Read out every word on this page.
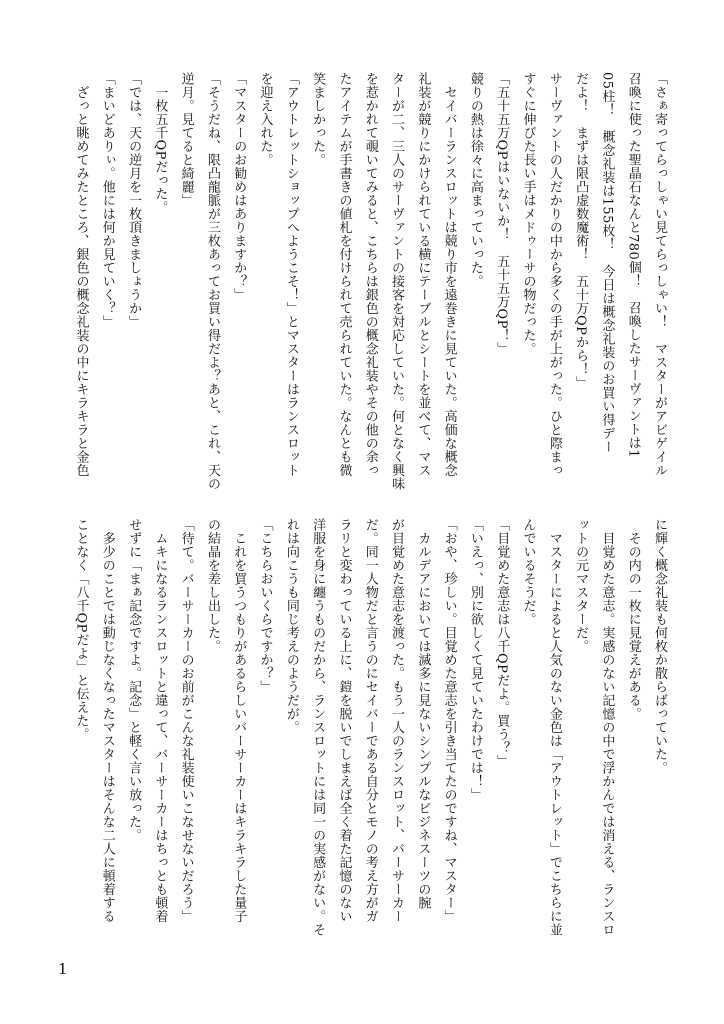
「さぁ寄ってらっしゃい見てらっしゃい！　マスターがアビゲイル
召喚に使った聖晶石なんと780個！　召喚したサーヴァントは1
05柱！　概念礼装は155枚！　今日は概念礼装のお買い得デー
だよ！　まずは限凸虚数魔術！　五十万QPから！」
サーヴァントの人だかりの中から多くの手が上がった。ひと際まっ
すぐに伸びた長い手はメドゥーサの物だった。
「五十五万QPはいないか！　五十五万QP！」
競りの熱は徐々に高まっていった。
　セイバーランスロットは競り市を遠巻きに見ていた。高価な概念
礼装が競りにかけられている横にテーブルとシートを並べて、マス
ターが二、三人のサーヴァントの接客を対応していた。何となく興味
を惹かれて覗いてみると、こちらは銀色の概念礼装やその他の余っ
たアイテムが手書きの値札を付けられて売られていた。なんとも微
笑ましかった。
「アウトレットショップへようこそ！」とマスターはランスロット
を迎え入れた。
「マスターのお勧めはありますか？」
「そうだね、限凸龍脈が三枚あってお買い得だよ？あと、これ、天の
逆月。見てると綺麗」
　一枚五千QPだった。
「では、天の逆月を一枚頂きましょうか」
「まいどありぃ。他には何か見ていく？」
　ざっと眺めてみたところ、銀色の概念礼装の中にキラキラと金色
に輝く概念礼装も何枚か散らばっていた。
　その内の一枚に見覚えがある。
　目覚めた意志。実感のない記憶の中で浮かんでは消える、ランスロ
ットの元マスターだ。
　マスターによると人気のない金色は「アウトレット」でこちらに並
んでいるそうだ。
「目覚めた意志は八千QPだよ。買う？」
「いえっ、別に欲しくて見ていたわけでは！」
「おや、珍しい。目覚めた意志を引き当てたのですね、マスター」
　カルデアにおいては滅多に見ないシンプルなビジネスーツの腕
が目覚めた意志を渡った。もう一人のランスロット、バーサーカー
だ。同一人物だと言うのにセイバーである自分とモノの考え方がガ
ラリと変わっている上に、鎧を脱いでしまえば全く着た記憶のない
洋服を身に纏うものだから、ランスロットには同一の実感がない。そ
れは向こうも同じ考えのようだが。
「こちらおいくらですか？」
　これを買うつもりがあるらしいバーサーカーはキラキラした量子
の結晶を差し出した。
「待て。バーサーカーのお前がこんな礼装使いこなせないだろう」
　ムキになるランスロットと違って、バーサーカーはちっとも頓着
せずに「まぁ記念ですよ。記念」と軽く言い放った。
　多少のことでは動じなくなったマスターはそんな二人に頓着する
ことなく「八千QPだよ」と伝えた。
1
